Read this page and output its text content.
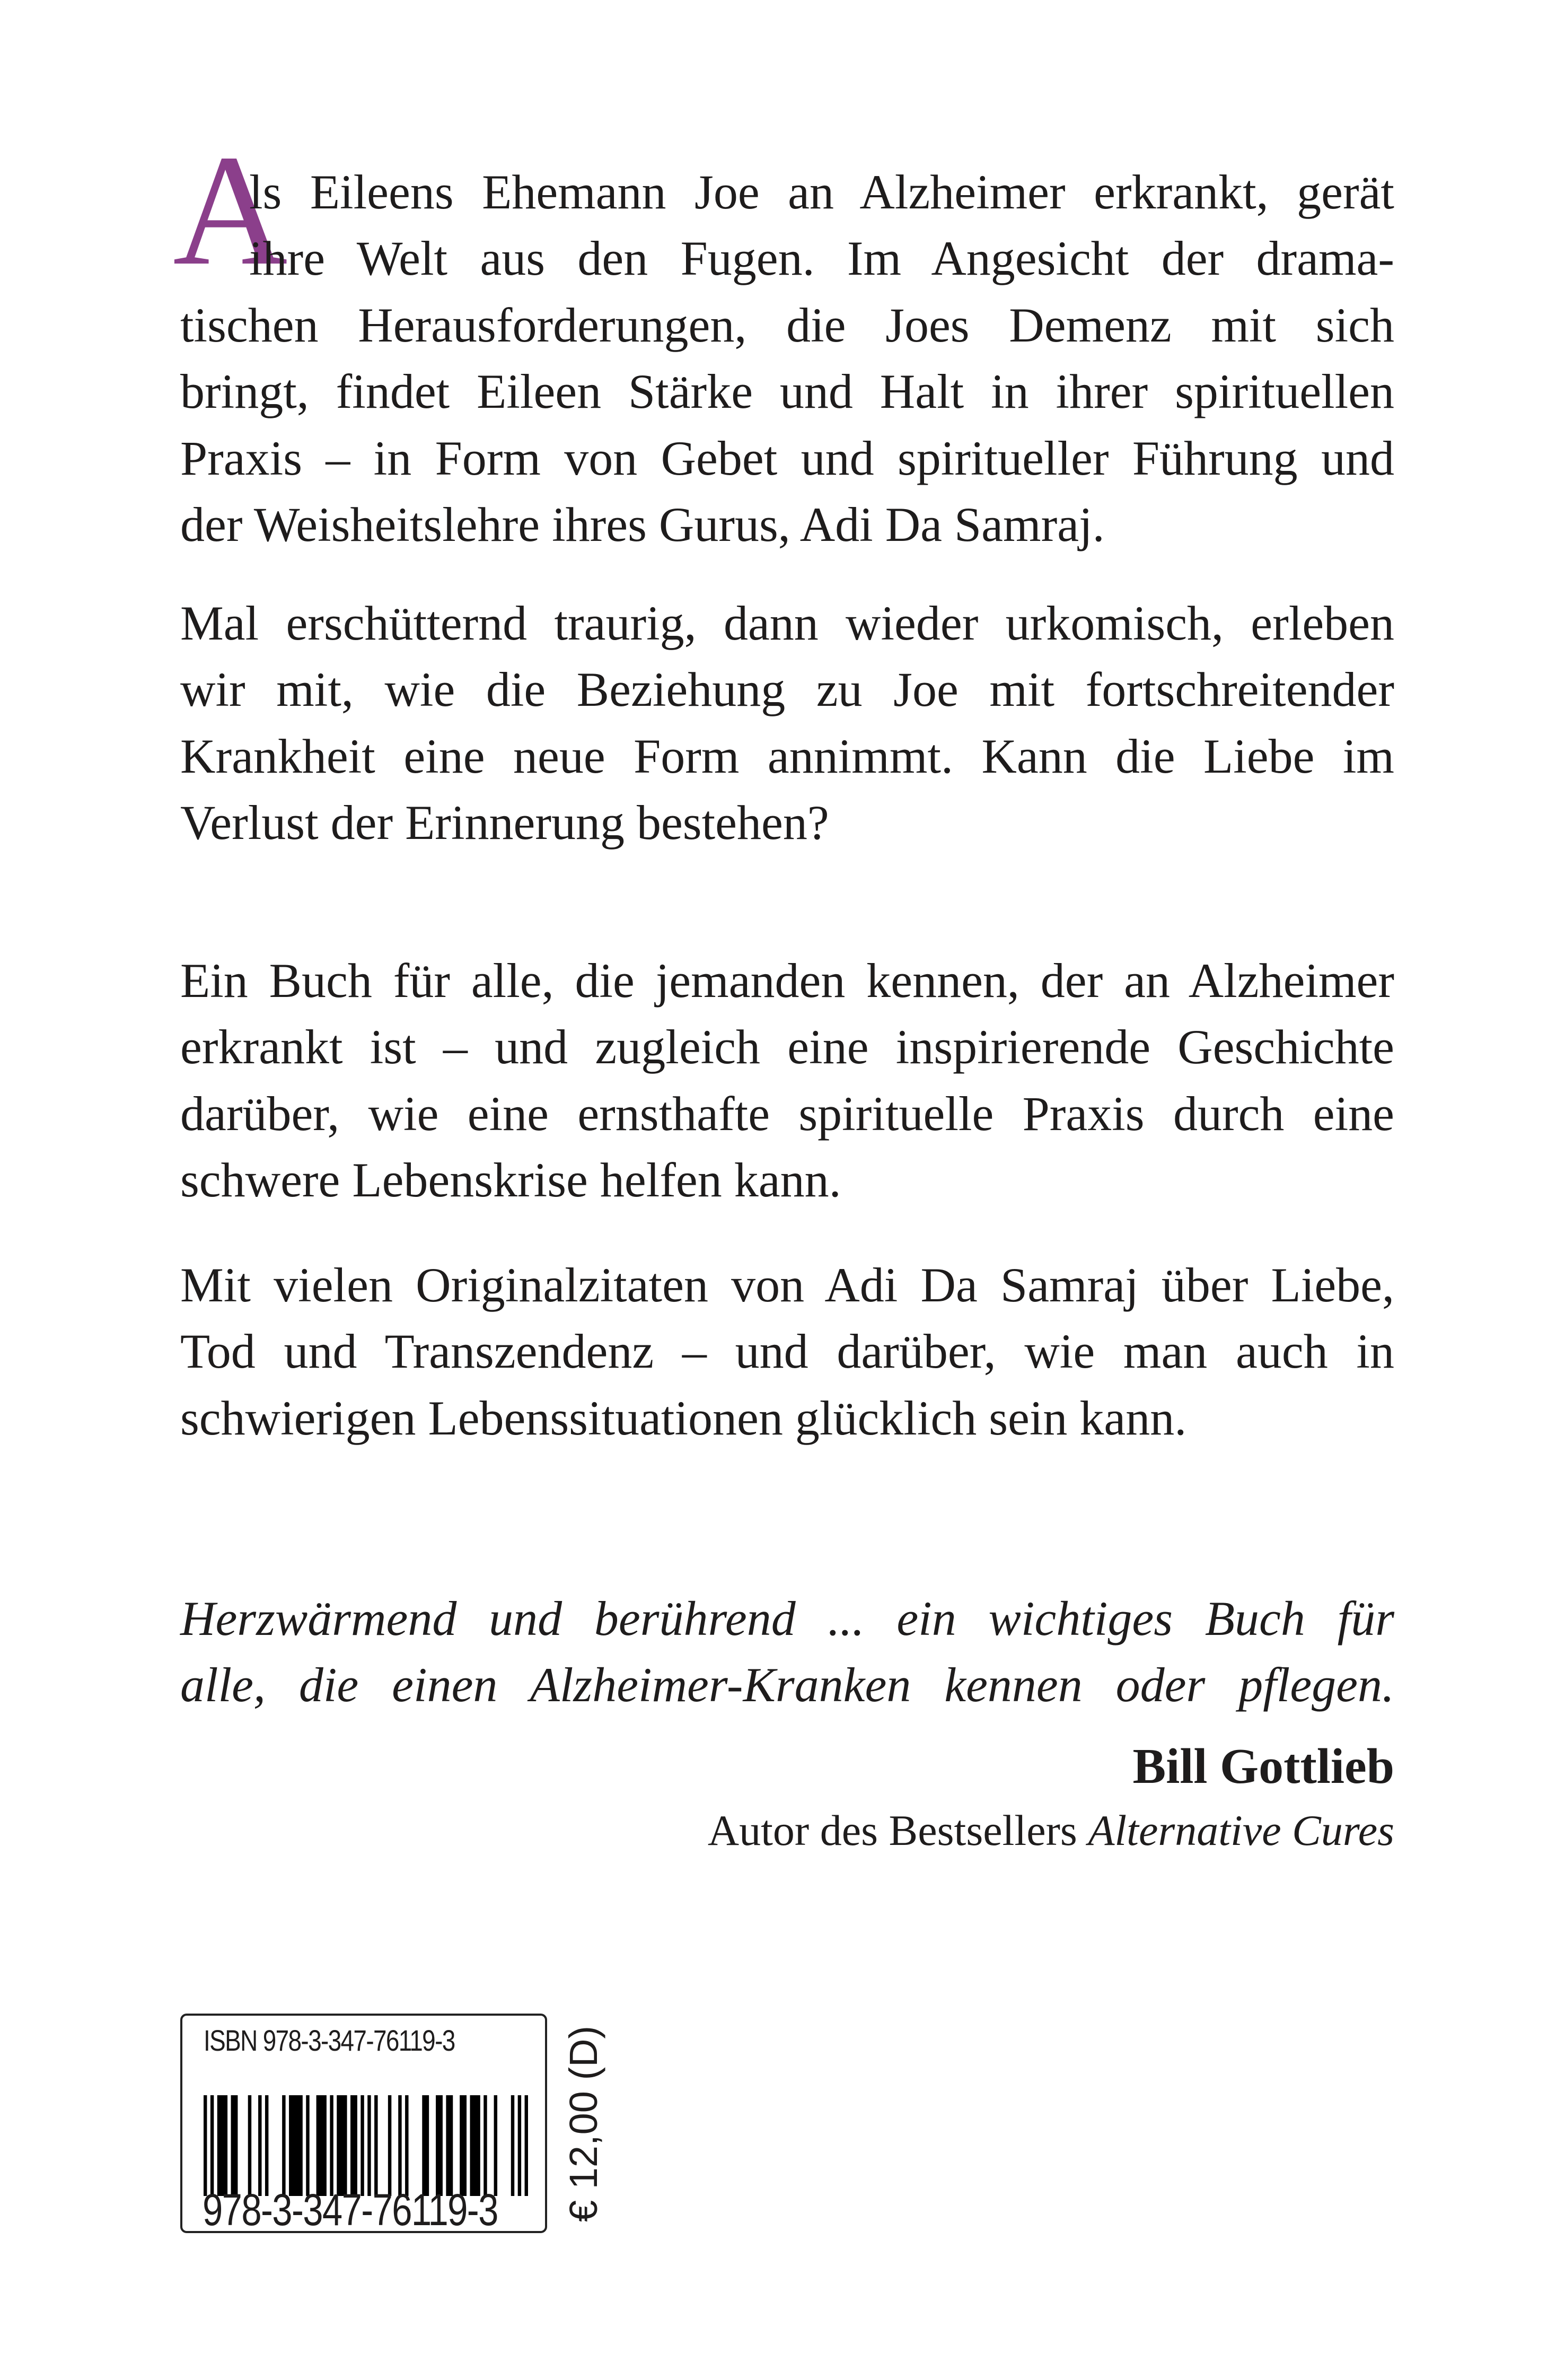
A
ls Eileens Ehemann Joe an Alzheimer erkrankt, gerät
ihre Welt aus den Fugen. Im Angesicht der drama-
tischen Herausforderungen, die Joes Demenz mit sich
bringt, findet Eileen Stärke und Halt in ihrer spirituellen
Praxis – in Form von Gebet und spiritueller Führung und
der Weisheitslehre ihres Gurus, Adi Da Samraj.
Mal erschütternd traurig, dann wieder urkomisch, erleben
wir mit, wie die Beziehung zu Joe mit fortschreitender
Krankheit eine neue Form annimmt. Kann die Liebe im
Verlust der Erinnerung bestehen?
Ein Buch für alle, die jemanden kennen, der an Alzheimer
erkrankt ist – und zugleich eine inspirierende Geschichte
darüber, wie eine ernsthafte spirituelle Praxis durch eine
schwere Lebenskrise helfen kann.
Mit vielen Originalzitaten von Adi Da Samraj über Liebe,
Tod und Transzendenz – und darüber, wie man auch in
schwierigen Lebenssituationen glücklich sein kann.
Herzwärmend und berührend ... ein wichtiges Buch für
alle, die einen Alzheimer-Kranken kennen oder pflegen.
Bill Gottlieb
Autor des Bestsellers Alternative Cures
ISBN 978-3-347-76119-3
978-3-347-76119-3 € 12,00 (D)
